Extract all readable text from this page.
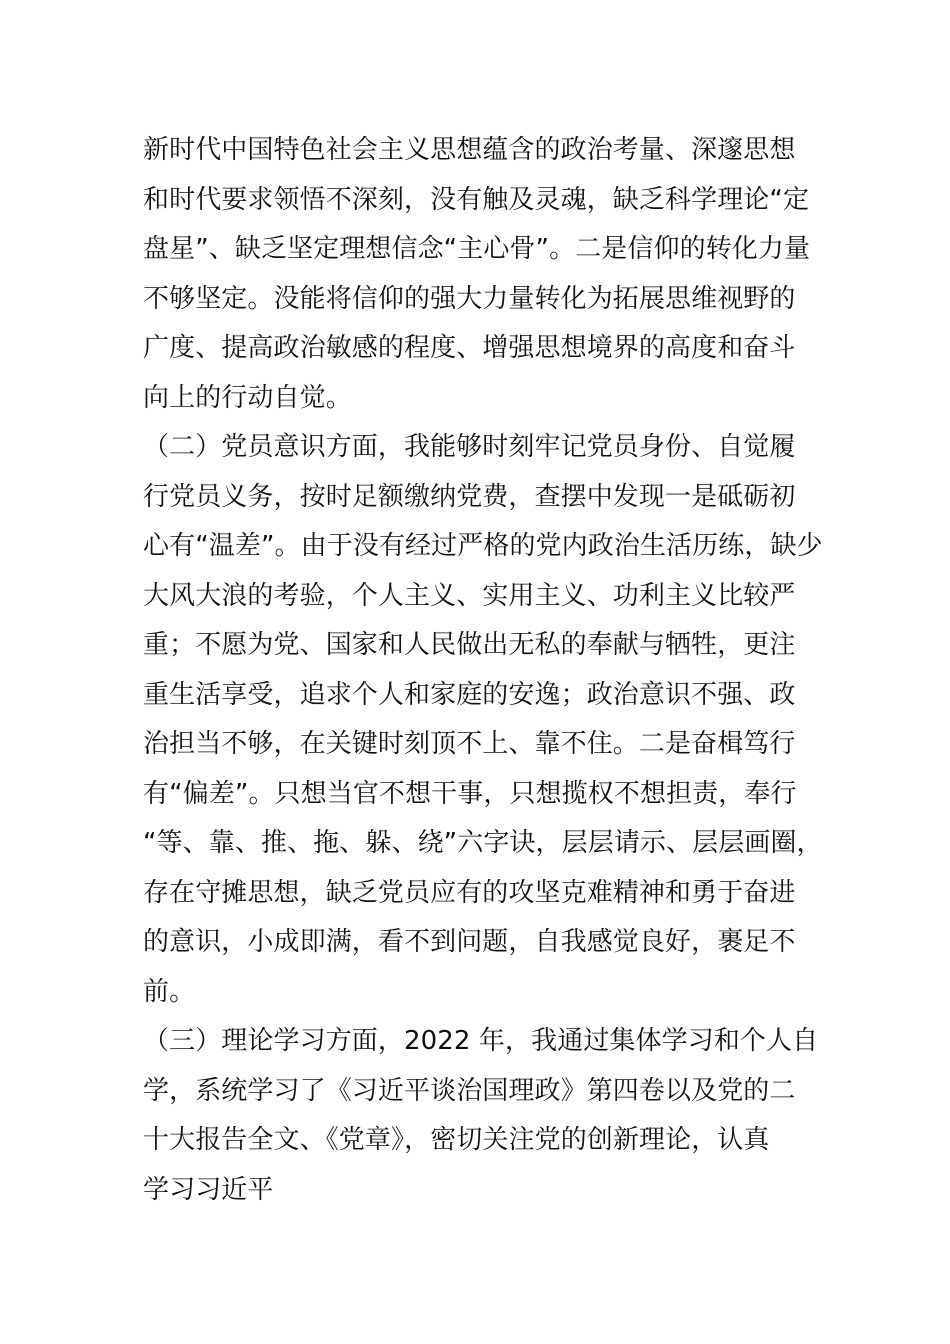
新时代中国特色社会主义思想蕴含的政治考量、深邃思想
和时代要求领悟不深刻，没有触及灵魂，缺乏科学理论“定
盘星”、缺乏坚定理想信念“主心骨”。二是信仰的转化力量
不够坚定。没能将信仰的强大力量转化为拓展思维视野的
广度、提高政治敏感的程度、增强思想境界的高度和奋斗
向上的行动自觉。
（二）党员意识方面，我能够时刻牢记党员身份、自觉履
行党员义务，按时足额缴纳党费，查摆中发现一是砥砺初
心有“温差”。由于没有经过严格的党内政治生活历练，缺少
大风大浪的考验，个人主义、实用主义、功利主义比较严
重；不愿为党、国家和人民做出无私的奉献与牺牲，更注
重生活享受，追求个人和家庭的安逸；政治意识不强、政
治担当不够，在关键时刻顶不上、靠不住。二是奋楫笃行
有“偏差”。只想当官不想干事，只想揽权不想担责，奉行
“等、靠、推、拖、躲、绕”六字诀，层层请示、层层画圈，
存在守摊思想，缺乏党员应有的攻坚克难精神和勇于奋进
的意识，小成即满，看不到问题，自我感觉良好，裹足不
前。
（三）理论学习方面，2022 年，我通过集体学习和个人自
学，系统学习了《习近平谈治国理政》第四卷以及党的二
十大报告全文、《党章》，密切关注党的创新理论，认真
学习习近平
